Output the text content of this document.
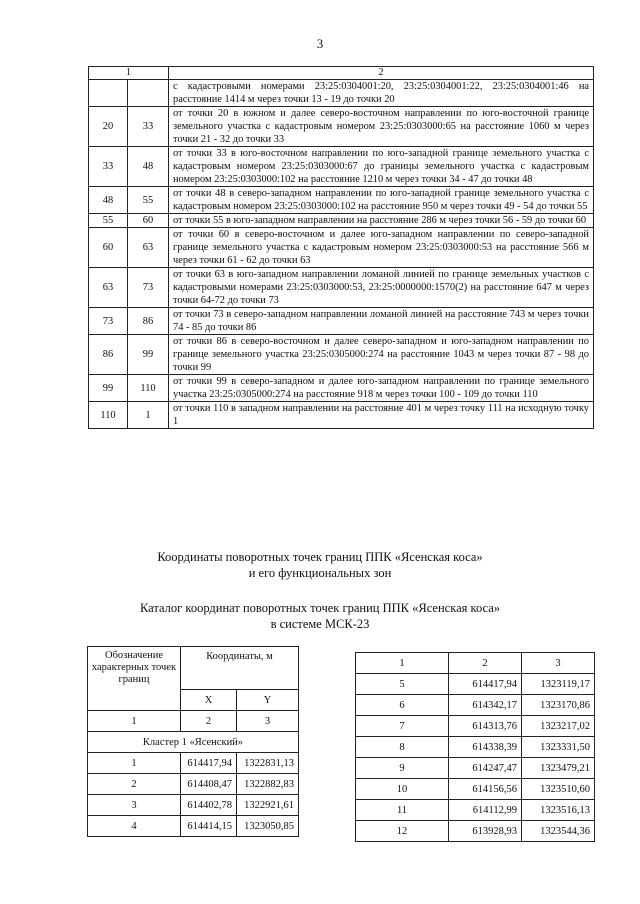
3
1		2
		с кадастровыми номерами 23:25:0304001:20, 23:25:0304001:22, 23:25:0304001:46 на расстояние 1414 м через точки 13 - 19 до точки 20
20	33	от точки 20 в южном и далее северо-восточном направлении по юго-восточной границе земельного участка с кадастровым номером 23:25:0303000:65 на расстояние 1060 м через точки 21 - 32 до точки 33
33	48	от точки 33 в юго-восточном направлении по юго-западной границе земельного участка с кадастровым номером 23:25:0303000:67 до границы земельного участка с кадастровым номером 23:25:0303000:102 на расстояние 1210 м через точки 34 - 47 до точки 48
48	55	от точки 48 в северо-западном направлении по юго-западной границе земельного участка с кадастровым номером 23:25:0303000:102 на расстояние 950 м через точки 49 - 54 до точки 55
55	60	от точки 55 в юго-западном направлении на расстояние 286 м через точки 56 - 59 до точки 60
60	63	от точки 60 в северо-восточном и далее юго-западном направлении по северо-западной границе земельного участка с кадастровым номером 23:25:0303000:53 на расстояние 566 м через точки 61 - 62 до точки 63
63	73	от точки 63 в юго-западном направлении ломаной линией по границе земельных участков с кадастровыми номерами 23:25:0303000:53, 23:25:0000000:1570(2) на расстояние 647 м через точки 64-72 до точки 73
73	86	от точки 73 в северо-западном направлении ломаной линией на расстояние 743 м через точки 74 - 85 до точки 86
86	99	от точки 86 в северо-восточном и далее северо-западном и юго-западном направлении по границе земельного участка 23:25:0305000:274 на расстояние 1043 м через точки 87 - 98 до точки 99
99	110	от точки 99 в северо-западном и далее юго-западном направлении по границе земельного участка 23:25:0305000:274 на расстояние 918 м через точки 100 - 109 до точки 110
110	1	от точки 110 в западном направлении на расстояние 401 м через точку 111 на исходную точку 1
Координаты поворотных точек границ ППК «Ясенская коса»
и его функциональных зон
Каталог координат поворотных точек границ ППК «Ясенская коса»
в системе МСК-23
Обозначение характерных точек границ	Координаты, м	
	X	Y
1	2	3
Кластер 1 «Ясенский»		
1	614417,94	1322831,13
2	614408,47	1322882,83
3	614402,78	1322921,61
4	614414,15	1323050,85
1	2	3
5	614417,94	1323119,17
6	614342,17	1323170,86
7	614313,76	1323217,02
8	614338,39	1323331,50
9	614247,47	1323479,21
10	614156,56	1323510,60
11	614112,99	1323516,13
12	613928,93	1323544,36
